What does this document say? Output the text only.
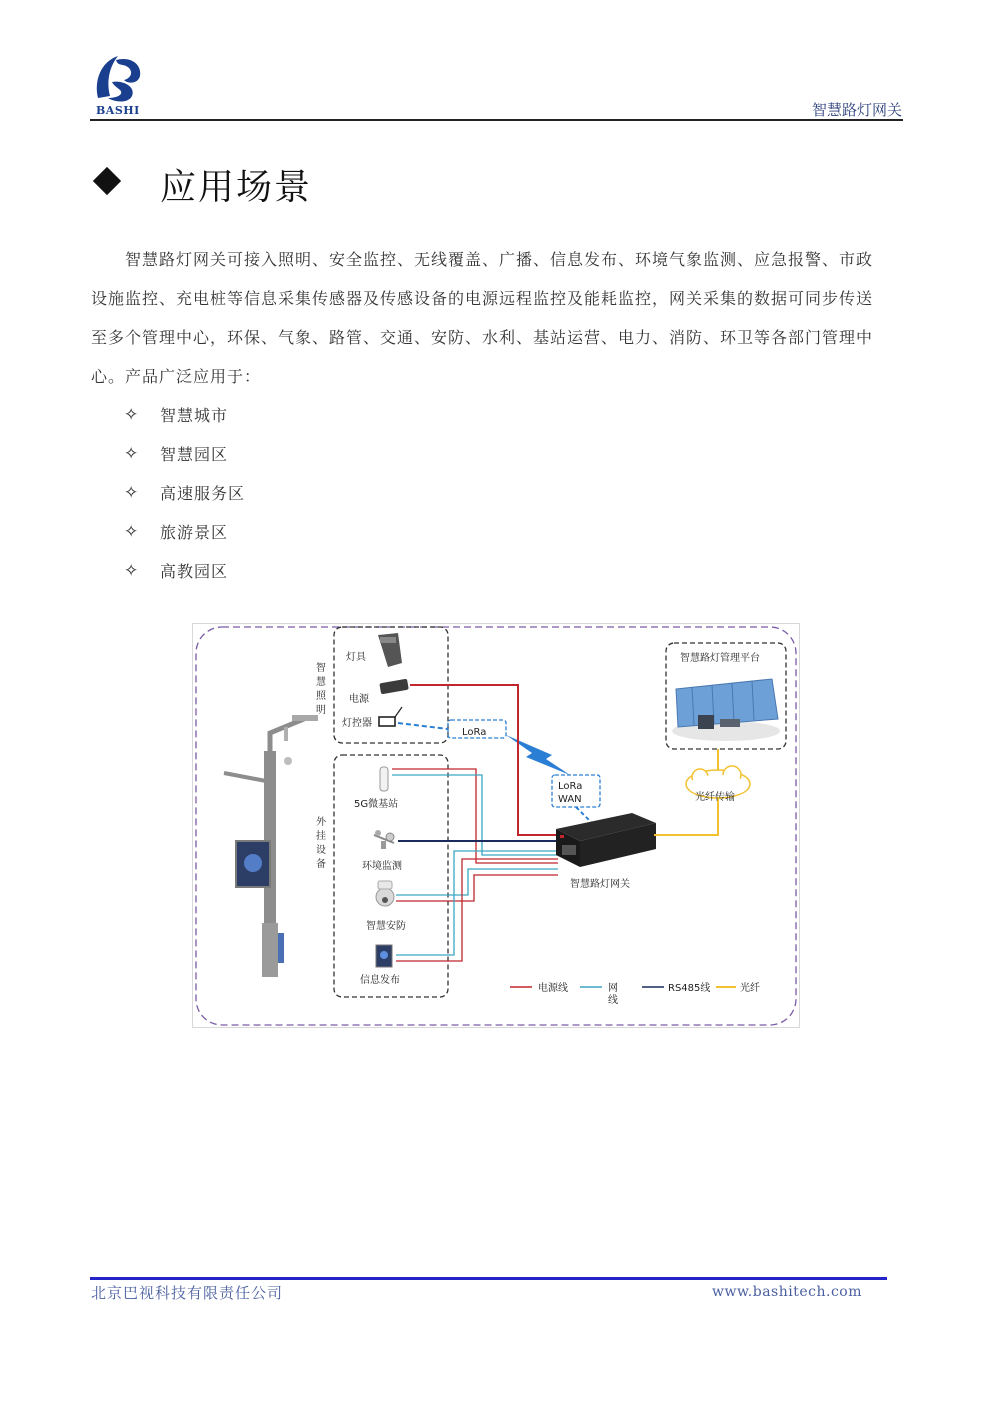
BASHI	智慧路灯网关
应用场景
智慧路灯网关可接入照明、安全监控、无线覆盖、广播、信息发布、环境气象监测、应急报警、市政
设施监控、充电桩等信息采集传感器及传感设备的电源远程监控及能耗监控，网关采集的数据可同步传送
至多个管理中心，环保、气象、路管、交通、安防、水利、基站运营、电力、消防、环卫等各部门管理中
心。产品广泛应用于：
✧	智慧城市
✧	智慧园区
✧	高速服务区
✧	旅游景区
✧	高教园区
智
慧
照
明
灯具
电源
灯控器
外
挂
设
备
5G微基站
环境监测
智慧安防
信息发布
LoRa
LoRa
WAN
智慧路灯网关
光纤传输
智慧路灯管理平台
电源线	网
线
RS485线	光纤
北京巴视科技有限责任公司	www.bashitech.com
